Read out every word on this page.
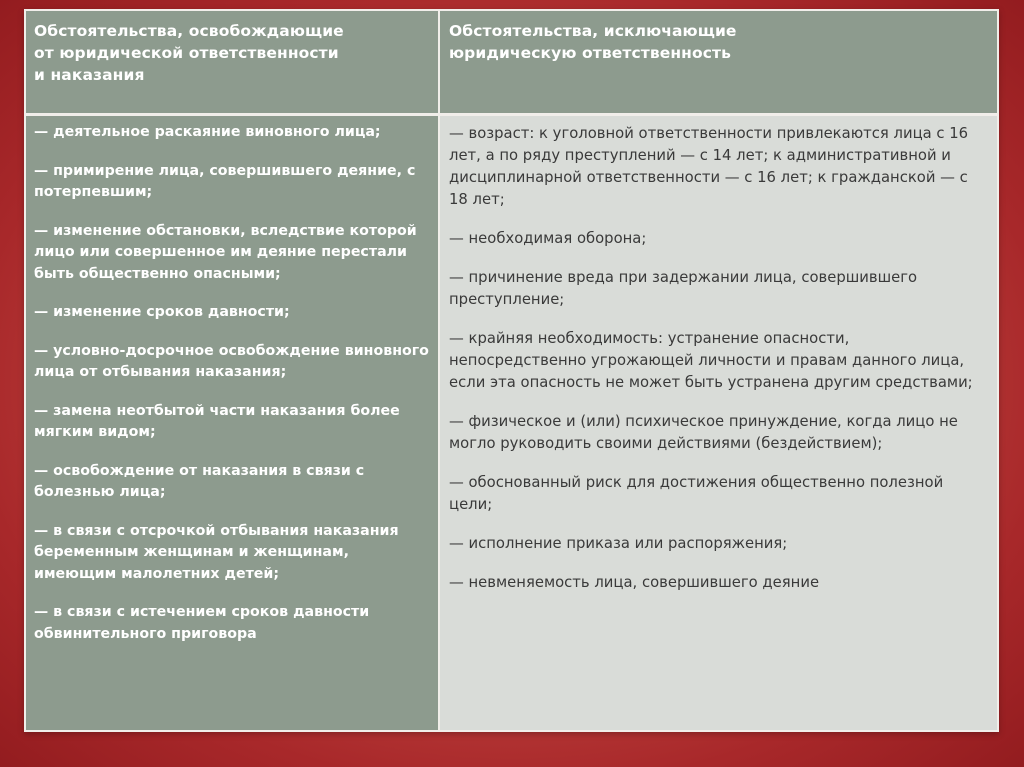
Обстоятельства, освобождающие

от юридической ответственности

и наказания

Обстоятельства, исключающие

юридическую ответственность

— деятельное раскаяние виновного лица;
— примирение лица, совершившего деяние, с потерпевшим;
— изменение обстановки, вследствие которой лицо или совершенное им деяние перестали быть общественно опасными;
— изменение сроков давности;
— условно-досрочное освобождение виновного лица от отбывания наказания;
— замена неотбытой части наказания более мягким видом;
— освобождение от наказания в связи с болезнью лица;
— в связи с отсрочкой отбывания наказания беременным женщинам и женщинам, имеющим малолетних детей;
— в связи с истечением сроков давности обвинительного приговора
— возраст: к уголовной ответственности привлекаются лица с 16 лет, а по ряду преступлений — с 14 лет; к административной и дисциплинарной ответственности — с 16 лет; к гражданской — с 18 лет;
— необходимая оборона;
— причинение вреда при задержании лица, совершившего преступление;
— крайняя необходимость: устранение опасности, непосредственно угрожающей личности и правам данного лица, если эта опасность не может быть устранена другим средствами;
— физическое и (или) психическое принуждение, когда лицо не могло руководить своими действиями (бездействием);
— обоснованный риск для достижения общественно полезной цели;
— исполнение приказа или распоряжения;
— невменяемость лица, совершившего деяние
